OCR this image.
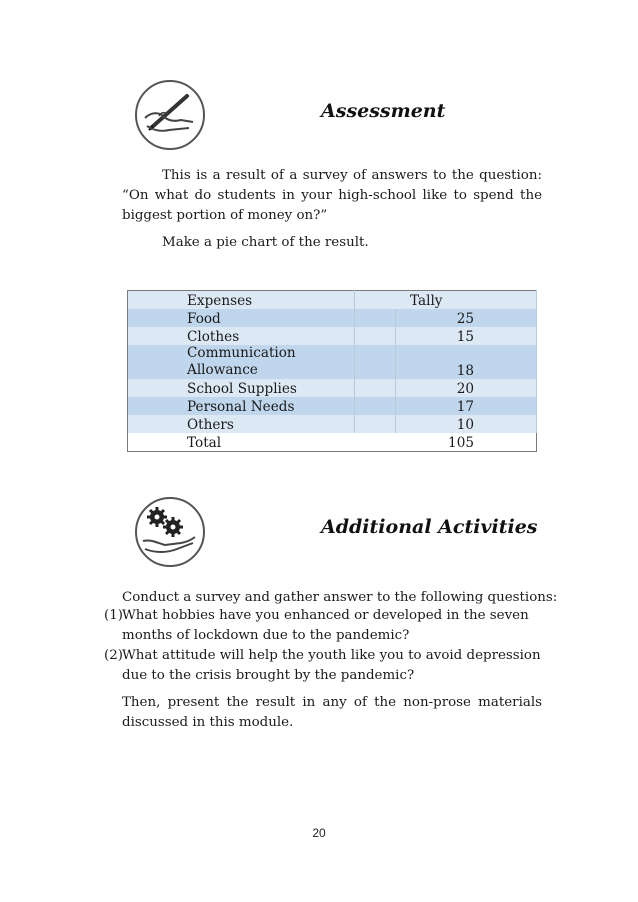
Assessment

This is a result of a survey of answers to the question: “On what do students in your high-school like to spend the biggest portion of money on?”

Make a pie chart of the result.

Expenses	Tally	
Food		25
Clothes		15

Communication
Allowance		18
School Supplies		20
Personal Needs		17
Others		10
Total		105
Additional Activities

Conduct a survey and gather answer to the following questions:

(1) What hobbies have you enhanced or developed in the seven months of lockdown due to the pandemic?
(2) What attitude will help the youth like you to avoid depression due to the crisis brought by the pandemic?

Then, present the result in any of the non-prose materials discussed in this module.

20
